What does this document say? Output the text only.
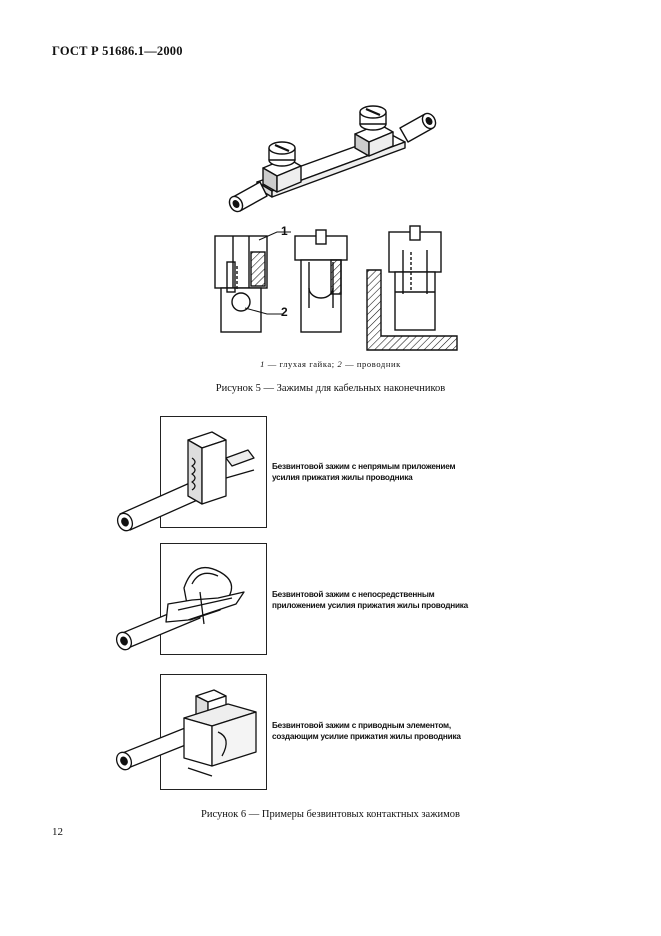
ГОСТ Р 51686.1—2000
1
2
1 — глухая гайка; 2 — проводник
Рисунок 5 — Зажимы для кабельных наконечников
Безвинтовой зажим с непрямым приложением
усилия прижатия жилы проводника
Безвинтовой зажим с непосредственным
приложением усилия прижатия жилы проводника
Безвинтовой зажим с приводным элементом,
создающим усилие прижатия жилы проводника
Рисунок 6 — Примеры безвинтовых контактных зажимов
12
